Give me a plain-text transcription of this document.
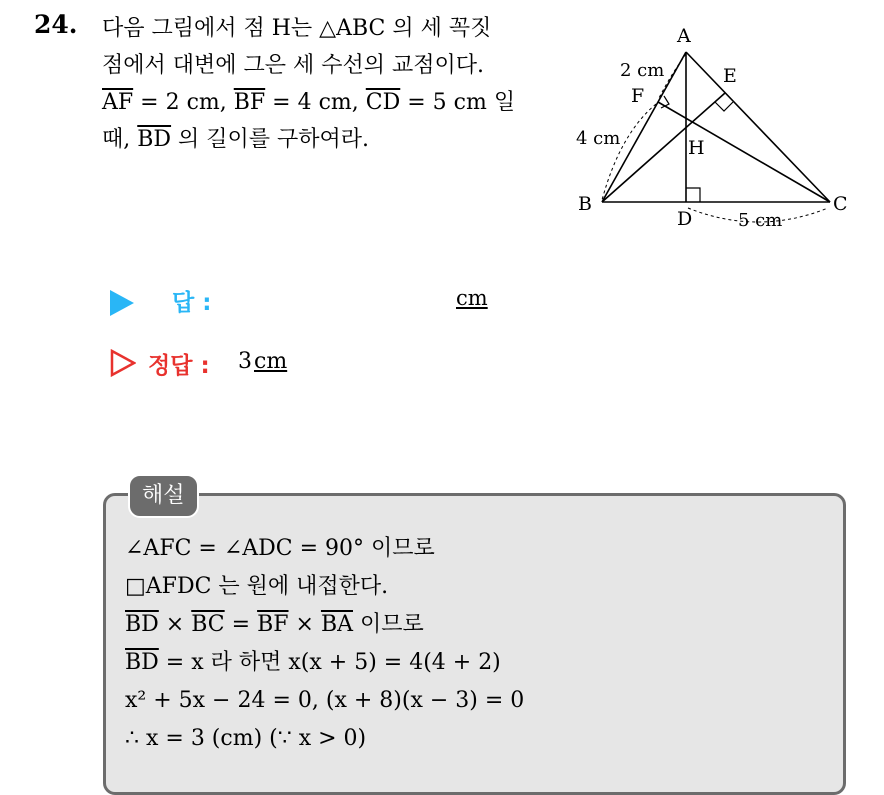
24. 다음 그림에서 점 H는 △ABC 의 세 꼭짓
점에서 대변에 그은 세 수선의 교점이다.
$\overline{AF} = 2$ cm, $\overline{BF} = 4$ cm, $\overline{CD} = 5$ cm 일
때, $\overline{BD}$ 의 길이를 구하여라.
A
B	C
D
E
F
H
2 cm
4 cm
5 cm
답 :	cm
정답 : 3cm
해설
∠AFC = ∠ADC = 90° 이므로
□AFDC 는 원에 내접한다.
$\overline{BD} \times \overline{BC} = \overline{BF} \times \overline{BA}$ 이므로
$\overline{BD} = x$ 라 하면 x(x + 5) = 4(4 + 2)
x² + 5x − 24 = 0, (x + 8)(x − 3) = 0
∴ x = 3 (cm) (∵ x > 0)
